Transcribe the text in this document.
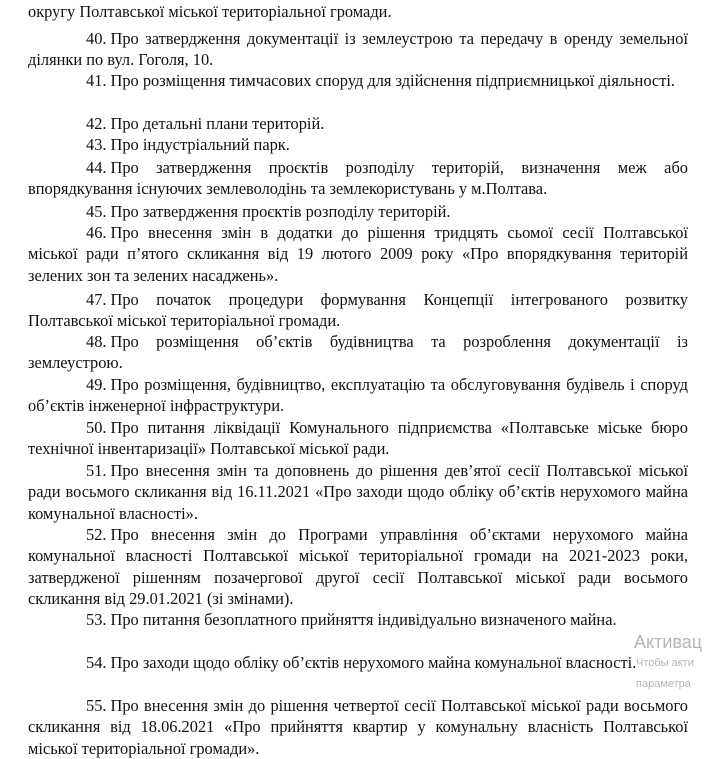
округу Полтавської міської територіальної громади.

40. Про затвердження документації із землеустрою та передачу в оренду земельної ділянки по вул. Гоголя, 10.

41. Про розміщення тимчасових споруд для здійснення підприємницької діяльності.

42. Про детальні плани територій.

43. Про індустріальний парк.

44. Про затвердження проєктів розподілу територій, визначення меж або впорядкування існуючих землеволодінь та землекористувань у м.Полтава.

45. Про затвердження проєктів розподілу територій.

46. Про внесення змін в додатки до рішення тридцять сьомої сесії Полтавської міської ради п’ятого скликання від 19 лютого 2009 року «Про впорядкування територій зелених зон та зелених насаджень».

47. Про початок процедури формування Концепції інтегрованого розвитку Полтавської міської територіальної громади.

48. Про розміщення об’єктів будівництва та розроблення документації із землеустрою.

49. Про розміщення, будівництво, експлуатацію та обслуговування будівель і споруд об’єктів інженерної інфраструктури.

50. Про питання ліквідації Комунального підприємства «Полтавське міське бюро технічної інвентаризації» Полтавської міської ради.

51. Про внесення змін та доповнень до рішення дев’ятої сесії Полтавської міської ради восьмого скликання від 16.11.2021 «Про заходи щодо обліку об’єктів нерухомого майна комунальної власності».

52. Про внесення змін до Програми управління об’єктами нерухомого майна комунальної власності Полтавської міської територіальної громади на 2021-2023 роки, затвердженої рішенням позачергової другої сесії Полтавської міської ради восьмого скликання від 29.01.2021 (зі змінами).

53. Про питання безоплатного прийняття індивідуально визначеного майна.

54. Про заходи щодо обліку об’єктів нерухомого майна комунальної власності.

55. Про внесення змін до рішення четвертої сесії Полтавської міської ради восьмого скликання від 18.06.2021 «Про прийняття квартир у комунальну власність Полтавської міської територіальної громади».

Активац
Чтобы акти
параметра
